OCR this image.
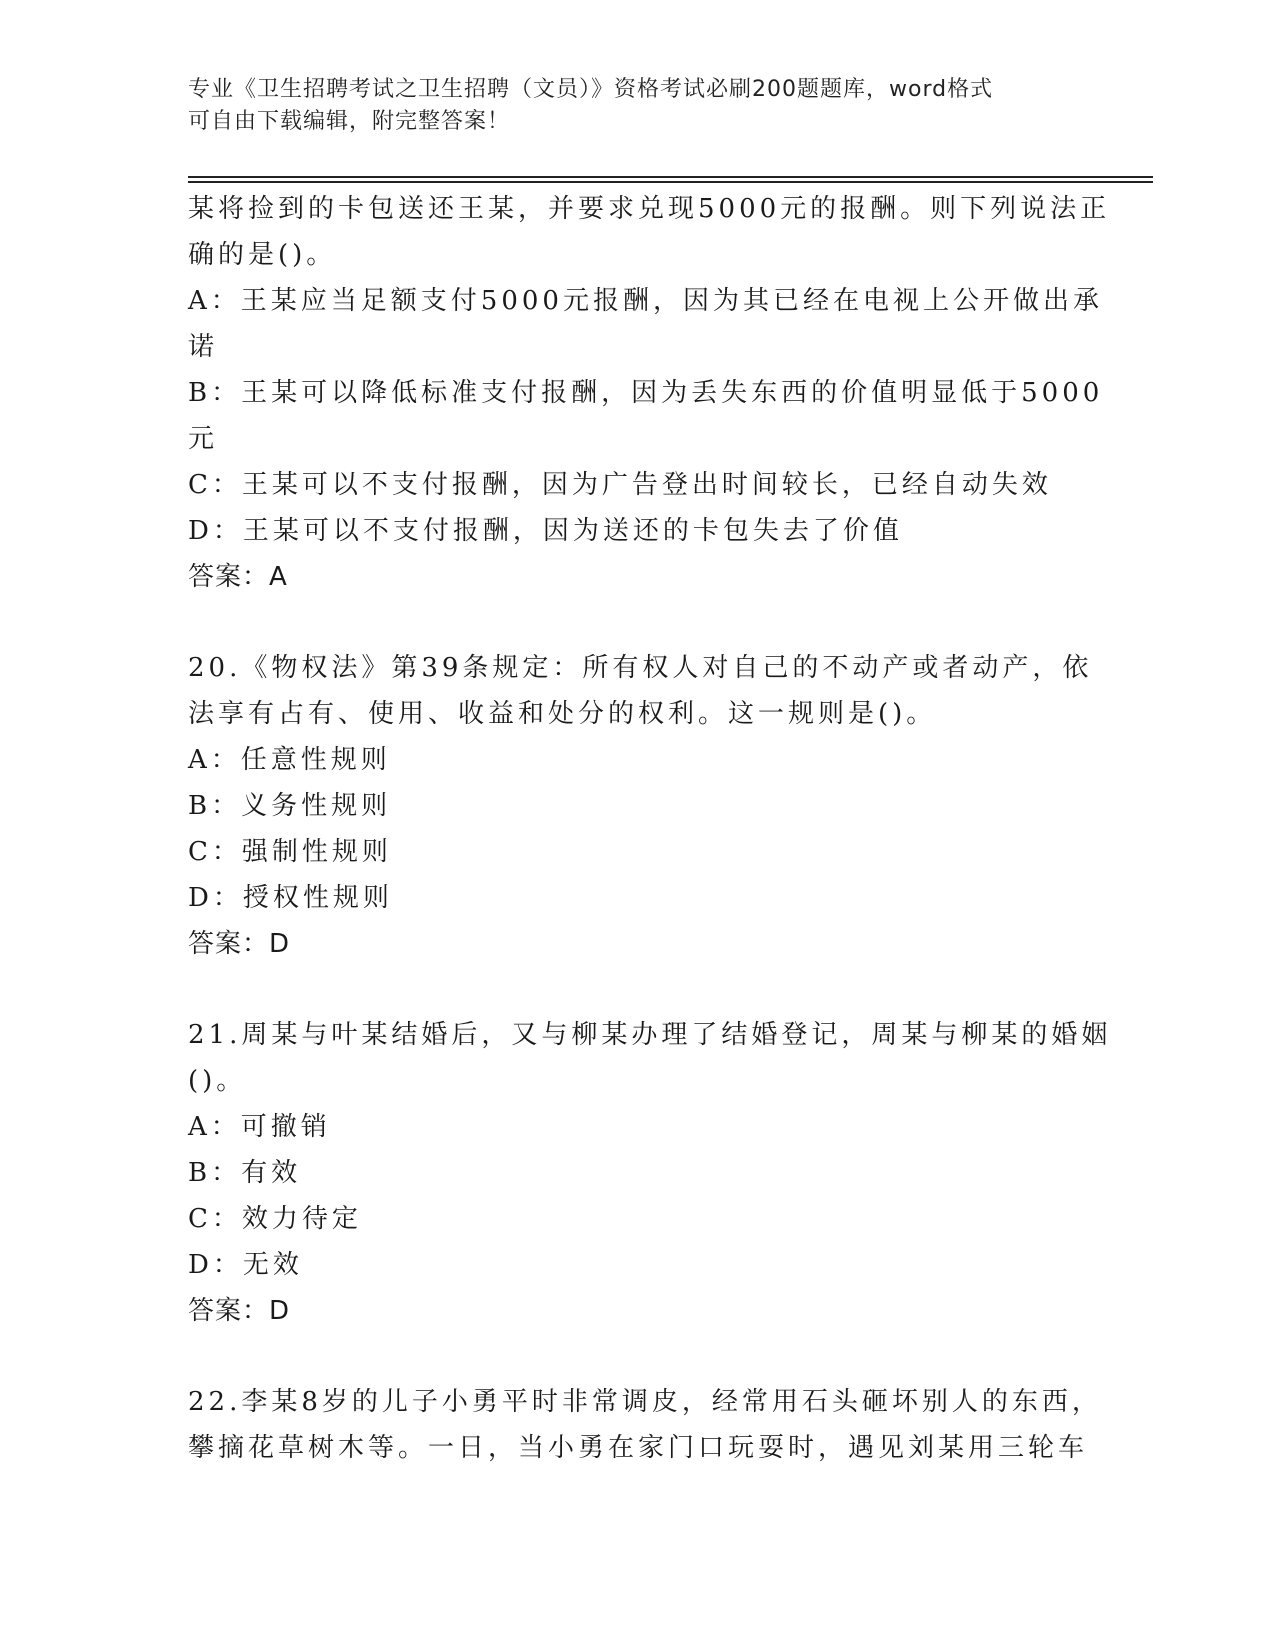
专业《卫生招聘考试之卫生招聘（文员）》资格考试必刷200题题库，word格式
可自由下载编辑，附完整答案！
某将捡到的卡包送还王某，并要求兑现5000元的报酬。则下列说法正
确的是()。
A：王某应当足额支付5000元报酬，因为其已经在电视上公开做出承
诺
B：王某可以降低标准支付报酬，因为丢失东西的价值明显低于5000
元
C：王某可以不支付报酬，因为广告登出时间较长，已经自动失效
D：王某可以不支付报酬，因为送还的卡包失去了价值
答案：A
20.《物权法》第39条规定：所有权人对自己的不动产或者动产，依
法享有占有、使用、收益和处分的权利。这一规则是()。
A：任意性规则
B：义务性规则
C：强制性规则
D：授权性规则
答案：D
21.周某与叶某结婚后，又与柳某办理了结婚登记，周某与柳某的婚姻
()。
A：可撤销
B：有效
C：效力待定
D：无效
答案：D
22.李某8岁的儿子小勇平时非常调皮，经常用石头砸坏别人的东西，
攀摘花草树木等。一日，当小勇在家门口玩耍时，遇见刘某用三轮车
